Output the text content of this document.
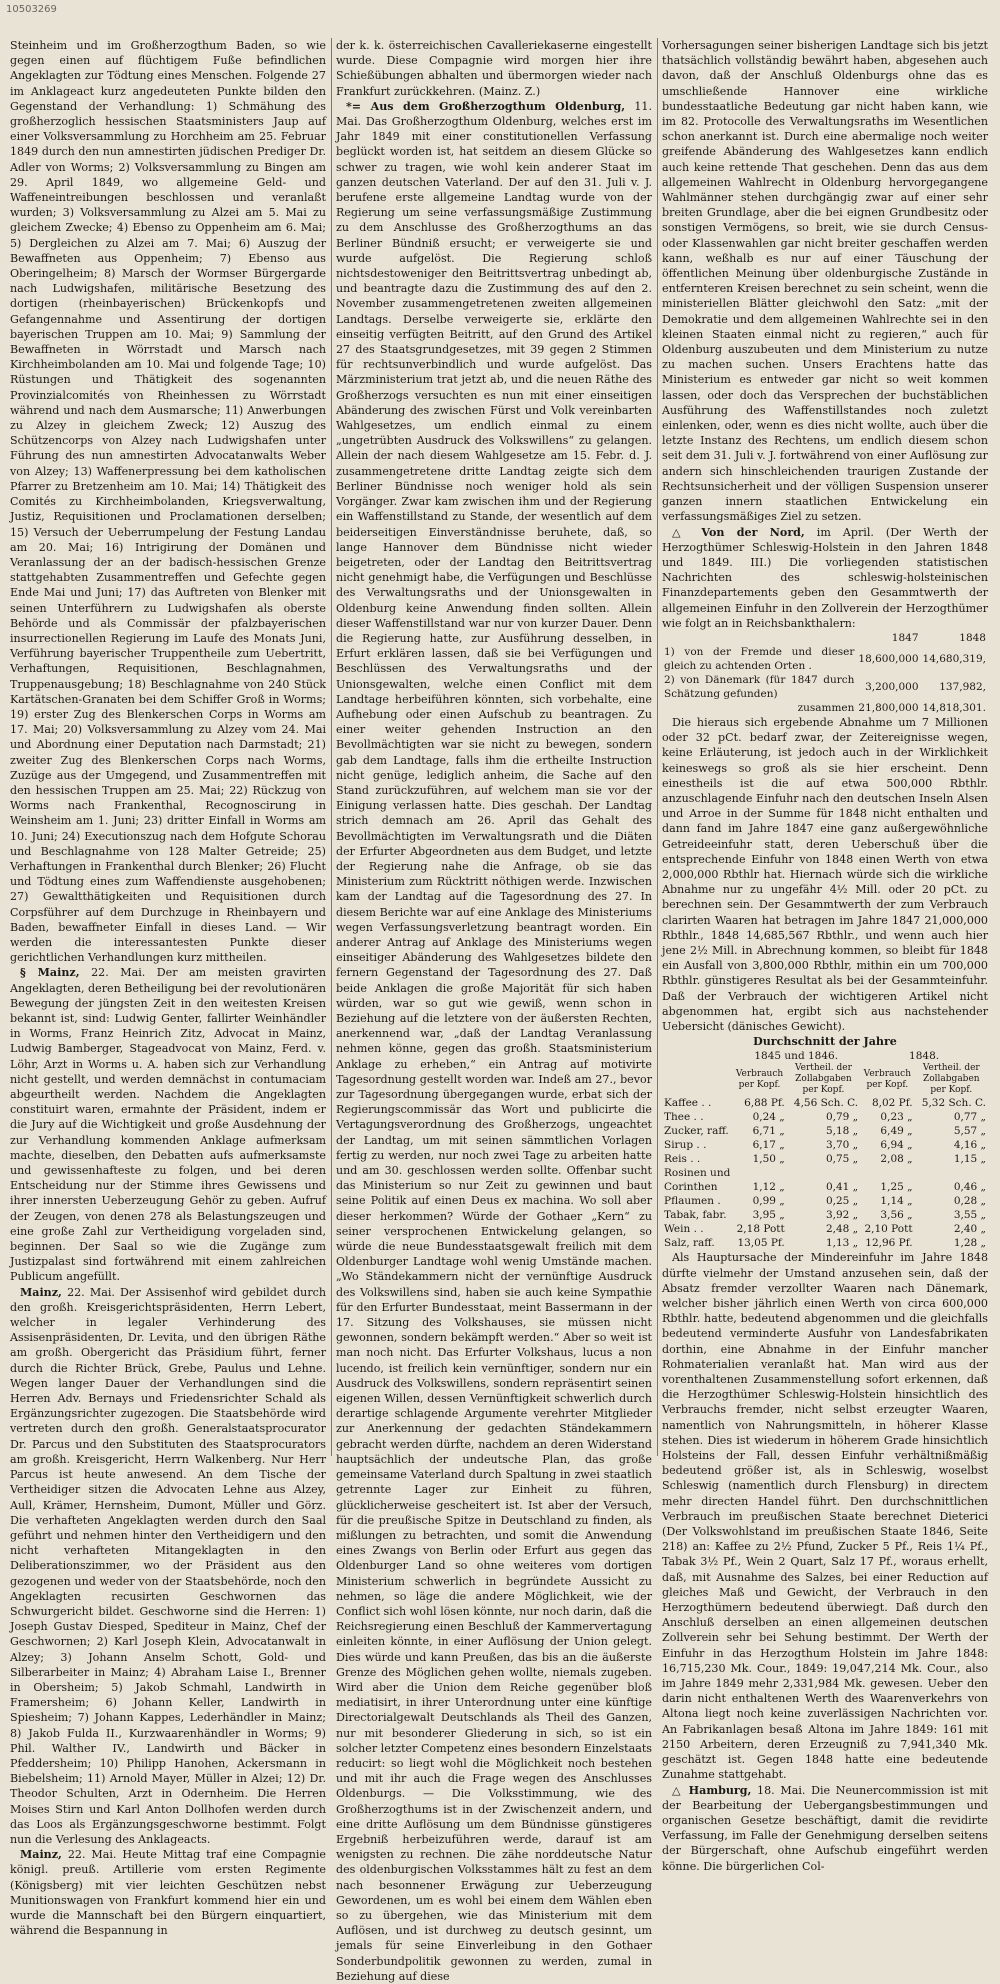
10503269

Steinheim und im Großherzogthum Baden, so wie gegen einen auf flüchtigem Fuße befindlichen Angeklagten zur Tödtung eines Menschen. Folgende 27 im Anklageact kurz angedeuteten Punkte bilden den Gegenstand der Verhandlung: 1) Schmähung des großherzoglich hessischen Staatsministers Jaup auf einer Volksversammlung zu Horchheim am 25. Februar 1849 durch den nun amnestirten jüdischen Prediger Dr. Adler von Worms; 2) Volksversammlung zu Bingen am 29. April 1849, wo allgemeine Geld- und Waffeneintreibungen beschlossen und veranlaßt wurden; 3) Volksversammlung zu Alzei am 5. Mai zu gleichem Zwecke; 4) Ebenso zu Oppenheim am 6. Mai; 5) Dergleichen zu Alzei am 7. Mai; 6) Auszug der Bewaffneten aus Oppenheim; 7) Ebenso aus Oberingelheim; 8) Marsch der Wormser Bürgergarde nach Ludwigshafen, militärische Besetzung des dortigen (rheinbayerischen) Brückenkopfs und Gefangennahme und Assentirung der dortigen bayerischen Truppen am 10. Mai; 9) Sammlung der Bewaffneten in Wörrstadt und Marsch nach Kirchheimbolanden am 10. Mai und folgende Tage; 10) Rüstungen und Thätigkeit des sogenannten Provinzialcomités von Rheinhessen zu Wörrstadt während und nach dem Ausmarsche; 11) Anwerbungen zu Alzey in gleichem Zweck; 12) Auszug des Schützencorps von Alzey nach Ludwigshafen unter Führung des nun amnestirten Advocatanwalts Weber von Alzey; 13) Waffenerpressung bei dem katholischen Pfarrer zu Bretzenheim am 10. Mai; 14) Thätigkeit des Comités zu Kirchheimbolanden, Kriegsverwaltung, Justiz, Requisitionen und Proclamationen derselben; 15) Versuch der Ueberrumpelung der Festung Landau am 20. Mai; 16) Intrigirung der Domänen und Veranlassung der an der badisch-hessischen Grenze stattgehabten Zusammentreffen und Gefechte gegen Ende Mai und Juni; 17) das Auftreten von Blenker mit seinen Unterführern zu Ludwigshafen als oberste Behörde und als Commissär der pfalzbayerischen insurrectionellen Regierung im Laufe des Monats Juni, Verführung bayerischer Truppentheile zum Uebertritt, Verhaftungen, Requisitionen, Beschlagnahmen, Truppenausgebung; 18) Beschlagnahme von 240 Stück Kartätschen-Granaten bei dem Schiffer Groß in Worms; 19) erster Zug des Blenkerschen Corps in Worms am 17. Mai; 20) Volksversammlung zu Alzey vom 24. Mai und Abordnung einer Deputation nach Darmstadt; 21) zweiter Zug des Blenkerschen Corps nach Worms, Zuzüge aus der Umgegend, und Zusammentreffen mit den hessischen Truppen am 25. Mai; 22) Rückzug von Worms nach Frankenthal, Recognoscirung in Weinsheim am 1. Juni; 23) dritter Einfall in Worms am 10. Juni; 24) Executionszug nach dem Hofgute Schorau und Beschlagnahme von 128 Malter Getreide; 25) Verhaftungen in Frankenthal durch Blenker; 26) Flucht und Tödtung eines zum Waffendienste ausgehobenen; 27) Gewaltthätigkeiten und Requisitionen durch Corpsführer auf dem Durchzuge in Rheinbayern und Baden, bewaffneter Einfall in dieses Land. — Wir werden die interessantesten Punkte dieser gerichtlichen Verhandlungen kurz mittheilen.

§ Mainz, 22. Mai. Der am meisten gravirten Angeklagten, deren Betheiligung bei der revolutionären Bewegung der jüngsten Zeit in den weitesten Kreisen bekannt ist, sind: Ludwig Genter, fallirter Weinhändler in Worms, Franz Heinrich Zitz, Advocat in Mainz, Ludwig Bamberger, Stageadvocat von Mainz, Ferd. v. Löhr, Arzt in Worms u. A. haben sich zur Verhandlung nicht gestellt, und werden demnächst in contumaciam abgeurtheilt werden. Nachdem die Angeklagten constituirt waren, ermahnte der Präsident, indem er die Jury auf die Wichtigkeit und große Ausdehnung der zur Verhandlung kommenden Anklage aufmerksam machte, dieselben, den Debatten aufs aufmerksamste und gewissenhafteste zu folgen, und bei deren Entscheidung nur der Stimme ihres Gewissens und ihrer innersten Ueberzeugung Gehör zu geben. Aufruf der Zeugen, von denen 278 als Belastungszeugen und eine große Zahl zur Vertheidigung vorgeladen sind, beginnen. Der Saal so wie die Zugänge zum Justizpalast sind fortwährend mit einem zahlreichen Publicum angefüllt.

Mainz, 22. Mai. Der Assisenhof wird gebildet durch den großh. Kreisgerichtspräsidenten, Herrn Lebert, welcher in legaler Verhinderung des Assisenpräsidenten, Dr. Levita, und den übrigen Räthe am großh. Obergericht das Präsidium führt, ferner durch die Richter Brück, Grebe, Paulus und Lehne. Wegen langer Dauer der Verhandlungen sind die Herren Adv. Bernays und Friedensrichter Schald als Ergänzungsrichter zugezogen. Die Staatsbehörde wird vertreten durch den großh. Generalstaatsprocurator Dr. Parcus und den Substituten des Staatsprocurators am großh. Kreisgericht, Herrn Walkenberg. Nur Herr Parcus ist heute anwesend. An dem Tische der Vertheidiger sitzen die Advocaten Lehne aus Alzey, Aull, Krämer, Hernsheim, Dumont, Müller und Görz. Die verhafteten Angeklagten werden durch den Saal geführt und nehmen hinter den Vertheidigern und den nicht verhafteten Mitangeklagten in den Deliberationszimmer, wo der Präsident aus den gezogenen und weder von der Staatsbehörde, noch den Angeklagten recusirten Geschwornen das Schwurgericht bildet. Geschworne sind die Herren: 1) Joseph Gustav Diesped, Spediteur in Mainz, Chef der Geschwornen; 2) Karl Joseph Klein, Advocatanwalt in Alzey; 3) Johann Anselm Schott, Gold- und Silberarbeiter in Mainz; 4) Abraham Laise I., Brenner in Obersheim; 5) Jakob Schmahl, Landwirth in Framersheim; 6) Johann Keller, Landwirth in Spiesheim; 7) Johann Kappes, Lederhändler in Mainz; 8) Jakob Fulda II., Kurzwaarenhändler in Worms; 9) Phil. Walther IV., Landwirth und Bäcker in Pfeddersheim; 10) Philipp Hanohen, Ackersmann in Biebelsheim; 11) Arnold Mayer, Müller in Alzei; 12) Dr. Theodor Schulten, Arzt in Odernheim. Die Herren Moises Stirn und Karl Anton Dollhofen werden durch das Loos als Ergänzungsgeschworne bestimmt. Folgt nun die Verlesung des Anklageacts.

Mainz, 22. Mai. Heute Mittag traf eine Compagnie königl. preuß. Artillerie vom ersten Regimente (Königsberg) mit vier leichten Geschützen nebst Munitionswagen von Frankfurt kommend hier ein und wurde die Mannschaft bei den Bürgern einquartiert, während die Bespannung in

der k. k. österreichischen Cavalleriekaserne eingestellt wurde. Diese Compagnie wird morgen hier ihre Schießübungen abhalten und übermorgen wieder nach Frankfurt zurückkehren. (Mainz. Z.)

*= Aus dem Großherzogthum Oldenburg, 11. Mai. Das Großherzogthum Oldenburg, welches erst im Jahr 1849 mit einer constitutionellen Verfassung beglückt worden ist, hat seitdem an diesem Glücke so schwer zu tragen, wie wohl kein anderer Staat im ganzen deutschen Vaterland. Der auf den 31. Juli v. J. berufene erste allgemeine Landtag wurde von der Regierung um seine verfassungsmäßige Zustimmung zu dem Anschlusse des Großherzogthums an das Berliner Bündniß ersucht; er verweigerte sie und wurde aufgelöst. Die Regierung schloß nichtsdestoweniger den Beitrittsvertrag unbedingt ab, und beantragte dazu die Zustimmung des auf den 2. November zusammengetretenen zweiten allgemeinen Landtags. Derselbe verweigerte sie, erklärte den einseitig verfügten Beitritt, auf den Grund des Artikel 27 des Staatsgrundgesetzes, mit 39 gegen 2 Stimmen für rechtsunverbindlich und wurde aufgelöst. Das Märzministerium trat jetzt ab, und die neuen Räthe des Großherzogs versuchten es nun mit einer einseitigen Abänderung des zwischen Fürst und Volk vereinbarten Wahlgesetzes, um endlich einmal zu einem „ungetrübten Ausdruck des Volkswillens“ zu gelangen. Allein der nach diesem Wahlgesetze am 15. Febr. d. J. zusammengetretene dritte Landtag zeigte sich dem Berliner Bündnisse noch weniger hold als sein Vorgänger. Zwar kam zwischen ihm und der Regierung ein Waffenstillstand zu Stande, der wesentlich auf dem beiderseitigen Einverständnisse beruhete, daß, so lange Hannover dem Bündnisse nicht wieder beigetreten, oder der Landtag den Beitrittsvertrag nicht genehmigt habe, die Verfügungen und Beschlüsse des Verwaltungsraths und der Unionsgewalten in Oldenburg keine Anwendung finden sollten. Allein dieser Waffenstillstand war nur von kurzer Dauer. Denn die Regierung hatte, zur Ausführung desselben, in Erfurt erklären lassen, daß sie bei Verfügungen und Beschlüssen des Verwaltungsraths und der Unionsgewalten, welche einen Conflict mit dem Landtage herbeiführen könnten, sich vorbehalte, eine Aufhebung oder einen Aufschub zu beantragen. Zu einer weiter gehenden Instruction an den Bevollmächtigten war sie nicht zu bewegen, sondern gab dem Landtage, falls ihm die ertheilte Instruction nicht genüge, lediglich anheim, die Sache auf den Stand zurückzuführen, auf welchem man sie vor der Einigung verlassen hatte. Dies geschah. Der Landtag strich demnach am 26. April das Gehalt des Bevollmächtigten im Verwaltungsrath und die Diäten der Erfurter Abgeordneten aus dem Budget, und letzte der Regierung nahe die Anfrage, ob sie das Ministerium zum Rücktritt nöthigen werde. Inzwischen kam der Landtag auf die Tagesordnung des 27. In diesem Berichte war auf eine Anklage des Ministeriums wegen Verfassungsverletzung beantragt worden. Ein anderer Antrag auf Anklage des Ministeriums wegen einseitiger Abänderung des Wahlgesetzes bildete den fernern Gegenstand der Tagesordnung des 27. Daß beide Anklagen die große Majorität für sich haben würden, war so gut wie gewiß, wenn schon in Beziehung auf die letztere von der äußersten Rechten, anerkennend war, „daß der Landtag Veranlassung nehmen könne, gegen das großh. Staatsministerium Anklage zu erheben,“ ein Antrag auf motivirte Tagesordnung gestellt worden war. Indeß am 27., bevor zur Tagesordnung übergegangen wurde, erbat sich der Regierungscommissär das Wort und publicirte die Vertagungsverordnung des Großherzogs, ungeachtet der Landtag, um mit seinen sämmtlichen Vorlagen fertig zu werden, nur noch zwei Tage zu arbeiten hatte und am 30. geschlossen werden sollte. Offenbar sucht das Ministerium so nur Zeit zu gewinnen und baut seine Politik auf einen Deus ex machina. Wo soll aber dieser herkommen? Würde der Gothaer „Kern“ zu seiner versprochenen Entwickelung gelangen, so würde die neue Bundesstaatsgewalt freilich mit dem Oldenburger Landtage wohl wenig Umstände machen. „Wo Ständekammern nicht der vernünftige Ausdruck des Volkswillens sind, haben sie auch keine Sympathie für den Erfurter Bundesstaat, meint Bassermann in der 17. Sitzung des Volkshauses, sie müssen nicht gewonnen, sondern bekämpft werden.“ Aber so weit ist man noch nicht. Das Erfurter Volkshaus, lucus a non lucendo, ist freilich kein vernünftiger, sondern nur ein Ausdruck des Volkswillens, sondern repräsentirt seinen eigenen Willen, dessen Vernünftigkeit schwerlich durch derartige schlagende Argumente verehrter Mitglieder zur Anerkennung der gedachten Ständekammern gebracht werden dürfte, nachdem an deren Widerstand hauptsächlich der undeutsche Plan, das große gemeinsame Vaterland durch Spaltung in zwei staatlich getrennte Lager zur Einheit zu führen, glücklicherweise gescheitert ist. Ist aber der Versuch, für die preußische Spitze in Deutschland zu finden, als mißlungen zu betrachten, und somit die Anwendung eines Zwangs von Berlin oder Erfurt aus gegen das Oldenburger Land so ohne weiteres vom dortigen Ministerium schwerlich in begründete Aussicht zu nehmen, so läge die andere Möglichkeit, wie der Conflict sich wohl lösen könnte, nur noch darin, daß die Reichsregierung einen Beschluß der Kammervertagung einleiten könnte, in einer Auflösung der Union gelegt. Dies würde und kann Preußen, das bis an die äußerste Grenze des Möglichen gehen wollte, niemals zugeben. Wird aber die Union dem Reiche gegenüber bloß mediatisirt, in ihrer Unterordnung unter eine künftige Directorialgewalt Deutschlands als Theil des Ganzen, nur mit besonderer Gliederung in sich, so ist ein solcher letzter Competenz eines besondern Einzelstaats reducirt: so liegt wohl die Möglichkeit noch bestehen und mit ihr auch die Frage wegen des Anschlusses Oldenburgs. — Die Volksstimmung, wie des Großherzogthums ist in der Zwischenzeit andern, und eine dritte Auflösung um dem Bündnisse günstigeres Ergebniß herbeizuführen werde, darauf ist am wenigsten zu rechnen. Die zähe norddeutsche Natur des oldenburgischen Volksstammes hält zu fest an dem nach besonnener Erwägung zur Ueberzeugung Gewordenen, um es wohl bei einem dem Wählen eben so zu übergehen, wie das Ministerium mit dem Auflösen, und ist durchweg zu deutsch gesinnt, um jemals für seine Einverleibung in den Gothaer Sonderbundpolitik gewonnen zu werden, zumal in Beziehung auf diese

Vorhersagungen seiner bisherigen Landtage sich bis jetzt thatsächlich vollständig bewährt haben, abgesehen auch davon, daß der Anschluß Oldenburgs ohne das es umschließende Hannover eine wirkliche bundesstaatliche Bedeutung gar nicht haben kann, wie im 82. Protocolle des Verwaltungsraths im Wesentlichen schon anerkannt ist. Durch eine abermalige noch weiter greifende Abänderung des Wahlgesetzes kann endlich auch keine rettende That geschehen. Denn das aus dem allgemeinen Wahlrecht in Oldenburg hervorgegangene Wahlmänner stehen durchgängig zwar auf einer sehr breiten Grundlage, aber die bei eignen Grundbesitz oder sonstigen Vermögens, so breit, wie sie durch Census- oder Klassenwahlen gar nicht breiter geschaffen werden kann, weßhalb es nur auf einer Täuschung der öffentlichen Meinung über oldenburgische Zustände in entfernteren Kreisen berechnet zu sein scheint, wenn die ministeriellen Blätter gleichwohl den Satz: „mit der Demokratie und dem allgemeinen Wahlrechte sei in den kleinen Staaten einmal nicht zu regieren,“ auch für Oldenburg auszubeuten und dem Ministerium zu nutze zu machen suchen. Unsers Erachtens hatte das Ministerium es entweder gar nicht so weit kommen lassen, oder doch das Versprechen der buchstäblichen Ausführung des Waffenstillstandes noch zuletzt einlenken, oder, wenn es dies nicht wollte, auch über die letzte Instanz des Rechtens, um endlich diesem schon seit dem 31. Juli v. J. fortwährend von einer Auflösung zur andern sich hinschleichenden traurigen Zustande der Rechtsunsicherheit und der völligen Suspension unserer ganzen innern staatlichen Entwickelung ein verfassungsmäßiges Ziel zu setzen.

△ Von der Nord, im April. (Der Werth der Herzogthümer Schleswig-Holstein in den Jahren 1848 und 1849. III.) Die vorliegenden statistischen Nachrichten des schleswig-holsteinischen Finanzdepartements geben den Gesammtwerth der allgemeinen Einfuhr in den Zollverein der Herzogthümer wie folgt an in Reichsbankthalern:

	1847	1848
1) von der Fremde und dieser gleich zu achtenden Orten .	18,600,000	14,680,319,
2) von Dänemark (für 1847 durch Schätzung gefunden)	3,200,000	137,982,
zusammen	21,800,000	14,818,301.

Die hieraus sich ergebende Abnahme um 7 Millionen oder 32 pCt. bedarf zwar, der Zeitereignisse wegen, keine Erläuterung, ist jedoch auch in der Wirklichkeit keineswegs so groß als sie hier erscheint. Denn einestheils ist die auf etwa 500,000 Rbthlr. anzuschlagende Einfuhr nach den deutschen Inseln Alsen und Arroe in der Summe für 1848 nicht enthalten und dann fand im Jahre 1847 eine ganz außergewöhnliche Getreideeinfuhr statt, deren Ueberschuß über die entsprechende Einfuhr von 1848 einen Werth von etwa 2,000,000 Rbthlr hat. Hiernach würde sich die wirkliche Abnahme nur zu ungefähr 4½ Mill. oder 20 pCt. zu berechnen sein. Der Gesammtwerth der zum Verbrauch clarirten Waaren hat betragen im Jahre 1847 21,000,000 Rbthlr., 1848 14,685,567 Rbthlr., und wenn auch hier jene 2½ Mill. in Abrechnung kommen, so bleibt für 1848 ein Ausfall von 3,800,000 Rbthlr, mithin ein um 700,000 Rbthlr. günstigeres Resultat als bei der Gesammteinfuhr. Daß der Verbrauch der wichtigeren Artikel nicht abgenommen hat, ergibt sich aus nachstehender Uebersicht (dänisches Gewicht).

Durchschnitt der Jahre
	1845 und 1846.		1848.	
	Verbrauch per Kopf.	Vertheil. der Zollabgaben per Kopf.	Verbrauch per Kopf.	Vertheil. der Zollabgaben per Kopf.
Kaffee . .	6,88 Pf.	4,56 Sch. C.	8,02 Pf.	5,32 Sch. C.
Thee . .	0,24 „	0,79 „	0,23 „	0,77 „
Zucker, raff.	6,71 „	5,18 „	6,49 „	5,57 „
Sirup . .	6,17 „	3,70 „	6,94 „	4,16 „
Reis . .	1,50 „	0,75 „	2,08 „	1,15 „
Rosinen und				
Corinthen	1,12 „	0,41 „	1,25 „	0,46 „
Pflaumen .	0,99 „	0,25 „	1,14 „	0,28 „
Tabak, fabr.	3,95 „	3,92 „	3,56 „	3,55 „
Wein . .	2,18 Pott	2,48 „	2,10 Pott	2,40 „
Salz, raff.	13,05 Pf.	1,13 „	12,96 Pf.	1,28 „

Als Hauptursache der Mindereinfuhr im Jahre 1848 dürfte vielmehr der Umstand anzusehen sein, daß der Absatz fremder verzollter Waaren nach Dänemark, welcher bisher jährlich einen Werth von circa 600,000 Rbthlr. hatte, bedeutend abgenommen und die gleichfalls bedeutend verminderte Ausfuhr von Landesfabrikaten dorthin, eine Abnahme in der Einfuhr mancher Rohmaterialien veranlaßt hat. Man wird aus der vorenthaltenen Zusammenstellung sofort erkennen, daß die Herzogthümer Schleswig-Holstein hinsichtlich des Verbrauchs fremder, nicht selbst erzeugter Waaren, namentlich von Nahrungsmitteln, in höherer Klasse stehen. Dies ist wiederum in höherem Grade hinsichtlich Holsteins der Fall, dessen Einfuhr verhältnißmäßig bedeutend größer ist, als in Schleswig, woselbst Schleswig (namentlich durch Flensburg) in directem mehr directen Handel führt. Den durchschnittlichen Verbrauch im preußischen Staate berechnet Dieterici (Der Volkswohlstand im preußischen Staate 1846, Seite 218) an: Kaffee zu 2½ Pfund, Zucker 5 Pf., Reis 1¼ Pf., Tabak 3½ Pf., Wein 2 Quart, Salz 17 Pf., woraus erhellt, daß, mit Ausnahme des Salzes, bei einer Reduction auf gleiches Maß und Gewicht, der Verbrauch in den Herzogthümern bedeutend überwiegt. Daß durch den Anschluß derselben an einen allgemeinen deutschen Zollverein sehr bei Sehung bestimmt. Der Werth der Einfuhr in das Herzogthum Holstein im Jahre 1848: 16,715,230 Mk. Cour., 1849: 19,047,214 Mk. Cour., also im Jahre 1849 mehr 2,331,984 Mk. gewesen. Ueber den darin nicht enthaltenen Werth des Waarenverkehrs von Altona liegt noch keine zuverlässigen Nachrichten vor. An Fabrikanlagen besaß Altona im Jahre 1849: 161 mit 2150 Arbeitern, deren Erzeugniß zu 7,941,340 Mk. geschätzt ist. Gegen 1848 hatte eine bedeutende Zunahme stattgehabt.

△ Hamburg, 18. Mai. Die Neunercommission ist mit der Bearbeitung der Uebergangsbestimmungen und organischen Gesetze beschäftigt, damit die revidirte Verfassung, im Falle der Genehmigung derselben seitens der Bürgerschaft, ohne Aufschub eingeführt werden könne. Die bürgerlichen Col-
